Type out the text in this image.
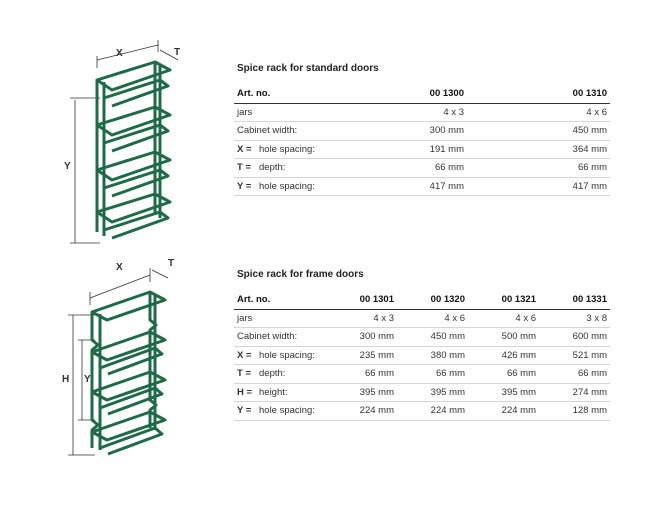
X	T
Y
X	T
H Y
Spice rack for standard doors
Art. no.	00 1300	00 1310
jars	4 x 3	4 x 6
Cabinet width:	300 mm	450 mm
X = hole spacing:	191 mm	364 mm
T = depth:	66 mm	66 mm
Y = hole spacing:	417 mm	417 mm
Spice rack for frame doors
Art. no.	00 1301	00 1320	00 1321	00 1331
jars	4 x 3	4 x 6	4 x 6	3 x 8
Cabinet width:	300 mm	450 mm	500 mm	600 mm
X = hole spacing:	235 mm	380 mm	426 mm	521 mm
T = depth:	66 mm	66 mm	66 mm	66 mm
H = height:	395 mm	395 mm	395 mm	274 mm
Y = hole spacing:	224 mm	224 mm	224 mm	128 mm
